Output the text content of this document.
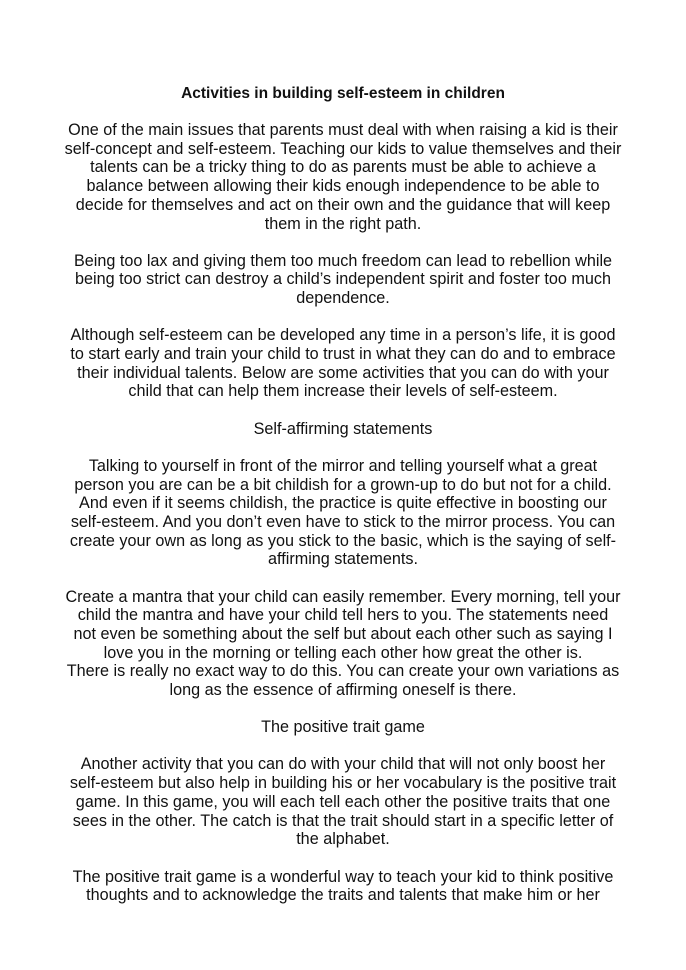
Activities in building self-esteem in children

One of the main issues that parents must deal with when raising a kid is their
self-concept and self-esteem. Teaching our kids to value themselves and their
talents can be a tricky thing to do as parents must be able to achieve a
balance between allowing their kids enough independence to be able to
decide for themselves and act on their own and the guidance that will keep
them in the right path.

Being too lax and giving them too much freedom can lead to rebellion while
being too strict can destroy a child’s independent spirit and foster too much
dependence.

Although self-esteem can be developed any time in a person’s life, it is good
to start early and train your child to trust in what they can do and to embrace
their individual talents. Below are some activities that you can do with your
child that can help them increase their levels of self-esteem.

Self-affirming statements

Talking to yourself in front of the mirror and telling yourself what a great
person you are can be a bit childish for a grown-up to do but not for a child.
And even if it seems childish, the practice is quite effective in boosting our
self-esteem. And you don’t even have to stick to the mirror process. You can
create your own as long as you stick to the basic, which is the saying of self-
affirming statements.

Create a mantra that your child can easily remember. Every morning, tell your
child the mantra and have your child tell hers to you. The statements need
not even be something about the self but about each other such as saying I
love you in the morning or telling each other how great the other is.
There is really no exact way to do this. You can create your own variations as
long as the essence of affirming oneself is there.

The positive trait game

Another activity that you can do with your child that will not only boost her
self-esteem but also help in building his or her vocabulary is the positive trait
game. In this game, you will each tell each other the positive traits that one
sees in the other. The catch is that the trait should start in a specific letter of
the alphabet.

The positive trait game is a wonderful way to teach your kid to think positive
thoughts and to acknowledge the traits and talents that make him or her
